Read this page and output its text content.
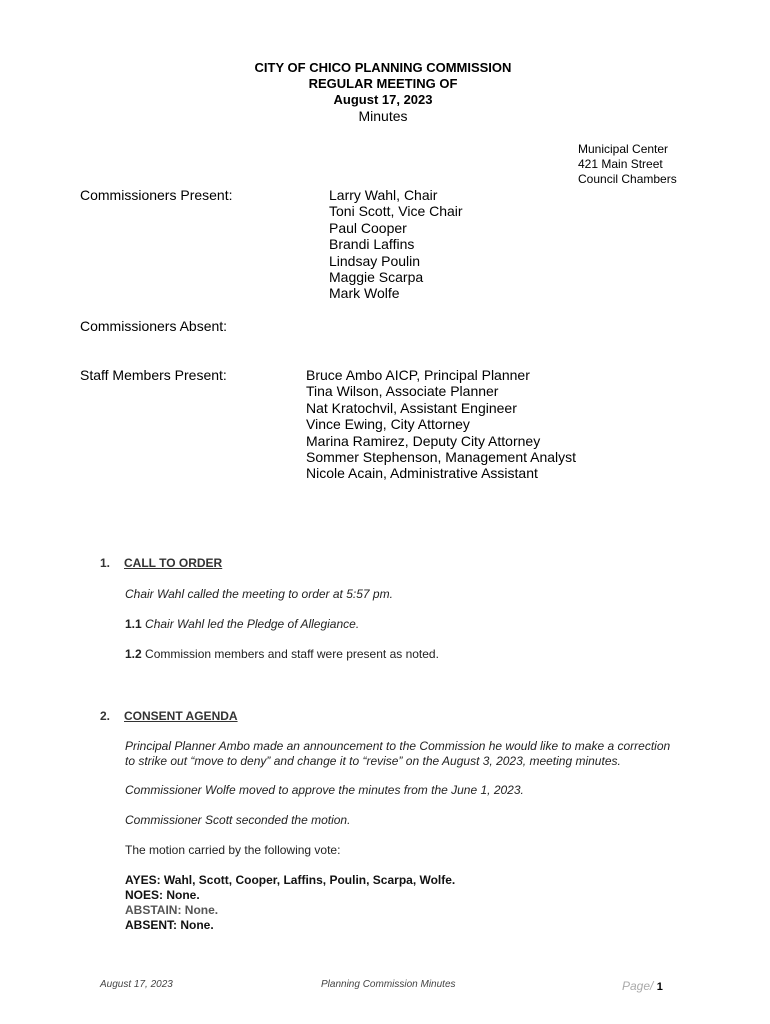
CITY OF CHICO PLANNING COMMISSION
REGULAR MEETING OF
August 17, 2023
Minutes
Municipal Center
421 Main Street
Council Chambers
Commissioners Present:	Larry Wahl, Chair
Toni Scott, Vice Chair
Paul Cooper
Brandi Laffins
Lindsay Poulin
Maggie Scarpa
Mark Wolfe
Commissioners Absent:
Staff Members Present:	Bruce Ambo AICP, Principal Planner
Tina Wilson, Associate Planner
Nat Kratochvil, Assistant Engineer
Vince Ewing, City Attorney
Marina Ramirez, Deputy City Attorney
Sommer Stephenson, Management Analyst
Nicole Acain, Administrative Assistant
1. CALL TO ORDER
Chair Wahl called the meeting to order at 5:57 pm.
1.1 Chair Wahl led the Pledge of Allegiance.
1.2 Commission members and staff were present as noted.
2. CONSENT AGENDA
Principal Planner Ambo made an announcement to the Commission he would like to make a correction
to strike out “move to deny” and change it to “revise” on the August 3, 2023, meeting minutes.
Commissioner Wolfe moved to approve the minutes from the June 1, 2023.
Commissioner Scott seconded the motion.
The motion carried by the following vote:
AYES: Wahl, Scott, Cooper, Laffins, Poulin, Scarpa, Wolfe.
NOES: None.
ABSTAIN: None.
ABSENT: None.
August 17, 2023	Planning Commission Minutes	Page/ 1
